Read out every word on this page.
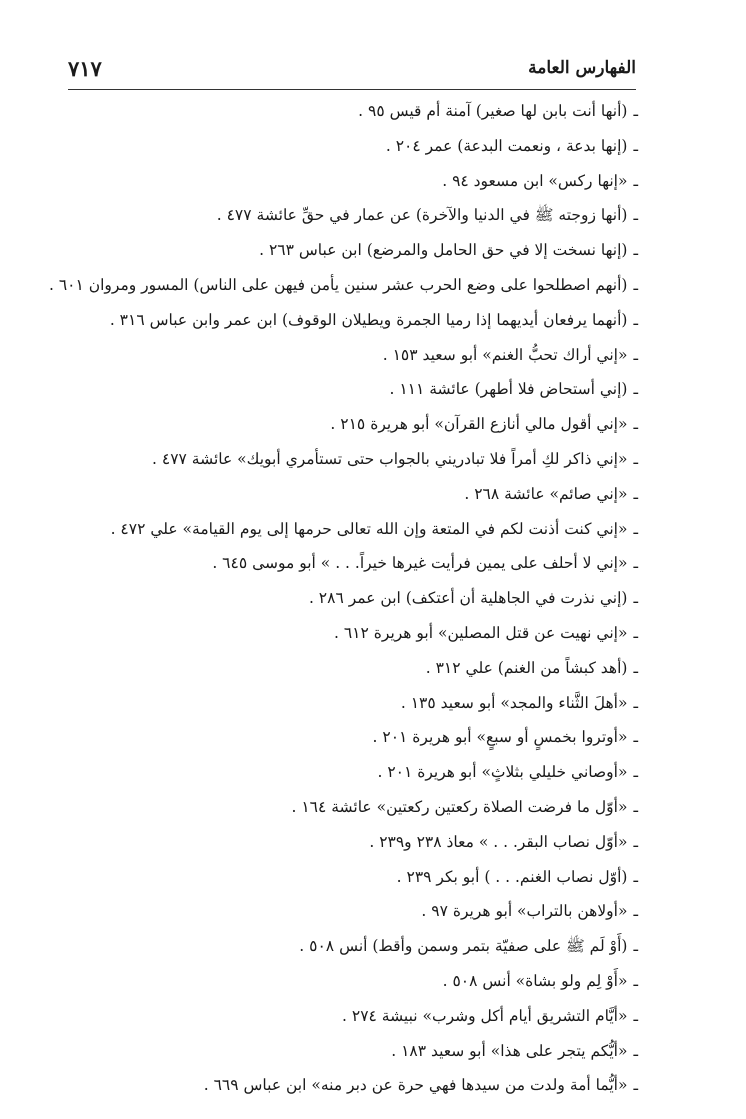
الفهارس العامة
٧١٧
ـ(أنها أنت بابن لها صغير) آمنة أم قيس ٩٥ .
ـ(إنها بدعة ، ونعمت البدعة) عمر ٢٠٤ .
ـ«إنها ركس» ابن مسعود ٩٤ .
ـ(أنها زوجته ﷺ في الدنيا والآخرة) عن عمار في حقِّ عائشة ٤٧٧ .
ـ(إنها نسخت إلا في حق الحامل والمرضع) ابن عباس ٢٦٣ .
ـ(أنهم اصطلحوا على وضع الحرب عشر سنين يأمن فيهن على الناس) المسور ومروان ٦٠١ .
ـ(أنهما يرفعان أيديهما إذا رميا الجمرة ويطيلان الوقوف) ابن عمر وابن عباس ٣١٦ .
ـ«إني أراك تحبُّ الغنم» أبو سعيد ١٥٣ .
ـ(إني أستحاض فلا أطهر) عائشة ١١١ .
ـ«إني أقول مالي أنازع القرآن» أبو هريرة ٢١٥ .
ـ«إني ذاكر لكِ أمراً فلا تبادريني بالجواب حتى تستأمري أبويك» عائشة ٤٧٧ .
ـ«إني صائم» عائشة ٢٦٨ .
ـ«إني كنت أذنت لكم في المتعة وإن الله تعالى حرمها إلى يوم القيامة» علي ٤٧٢ .
ـ«إني لا أحلف على يمين فرأيت غيرها خيراً. . . » أبو موسى ٦٤٥ .
ـ(إني نذرت في الجاهلية أن أعتكف) ابن عمر ٢٨٦ .
ـ«إني نهيت عن قتل المصلين» أبو هريرة ٦١٢ .
ـ(أهد كبشاً من الغنم) علي ٣١٢ .
ـ«أهلَ الثَّناء والمجد» أبو سعيد ١٣٥ .
ـ«أوتروا بخمسٍ أو سبعٍ» أبو هريرة ٢٠١ .
ـ«أوصاني خليلي بثلاثٍ» أبو هريرة ٢٠١ .
ـ«أوّل ما فرضت الصلاة ركعتين ركعتين» عائشة ١٦٤ .
ـ«أوّل نصاب البقر. . . » معاذ ٢٣٨ و٢٣٩ .
ـ(أوّل نصاب الغنم. . . ) أبو بكر ٢٣٩ .
ـ«أولاهن بالتراب» أبو هريرة ٩٧ .
ـ(أَوْ لَم ﷺ على صفيّة بتمر وسمن وأقط) أنس ٥٠٨ .
ـ«أَوْ لِم ولو بشاة» أنس ٥٠٨ .
ـ«أيَّام التشريق أيام أكل وشرب» نبيشة ٢٧٤ .
ـ«أيُّكم يتجر على هذا» أبو سعيد ١٨٣ .
ـ«أيُّما أمة ولدت من سيدها فهي حرة عن دبر منه» ابن عباس ٦٦٩ .
